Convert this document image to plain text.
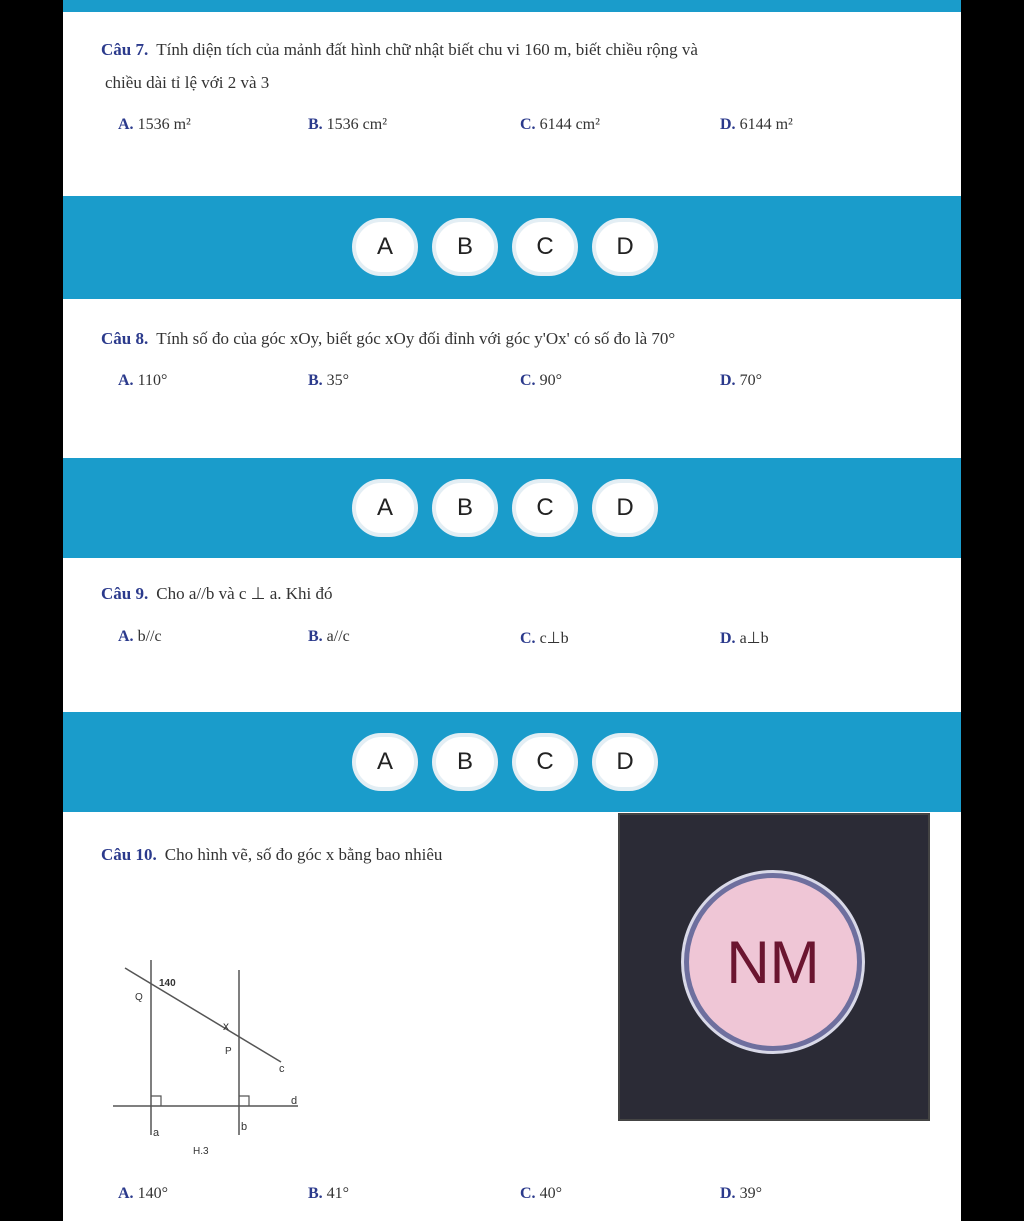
Câu 7. Tính diện tích của mảnh đất hình chữ nhật biết chu vi 160 m, biết chiều rộng và
chiều dài tỉ lệ với 2 và 3
A. 1536 m²	B. 1536 cm²	C. 6144 cm²	D. 6144 m²
A	B	C	D
Câu 8. Tính số đo của góc xOy, biết góc xOy đối đỉnh với góc y'Ox' có số đo là 70°
A. 110°	B. 35°	C. 90°	D. 70°
A	B	C	D
Câu 9. Cho a//b và c ⊥ a. Khi đó
A. b//c	B. a//c	C. c⊥b	D. a⊥b
A	B	C	D
Câu 10. Cho hình vẽ, số đo góc x bằng bao nhiêu
140
Q
x
P
c
d
a	b
H.3
A. 140°	B. 41°	C. 40°	D. 39°
NM
